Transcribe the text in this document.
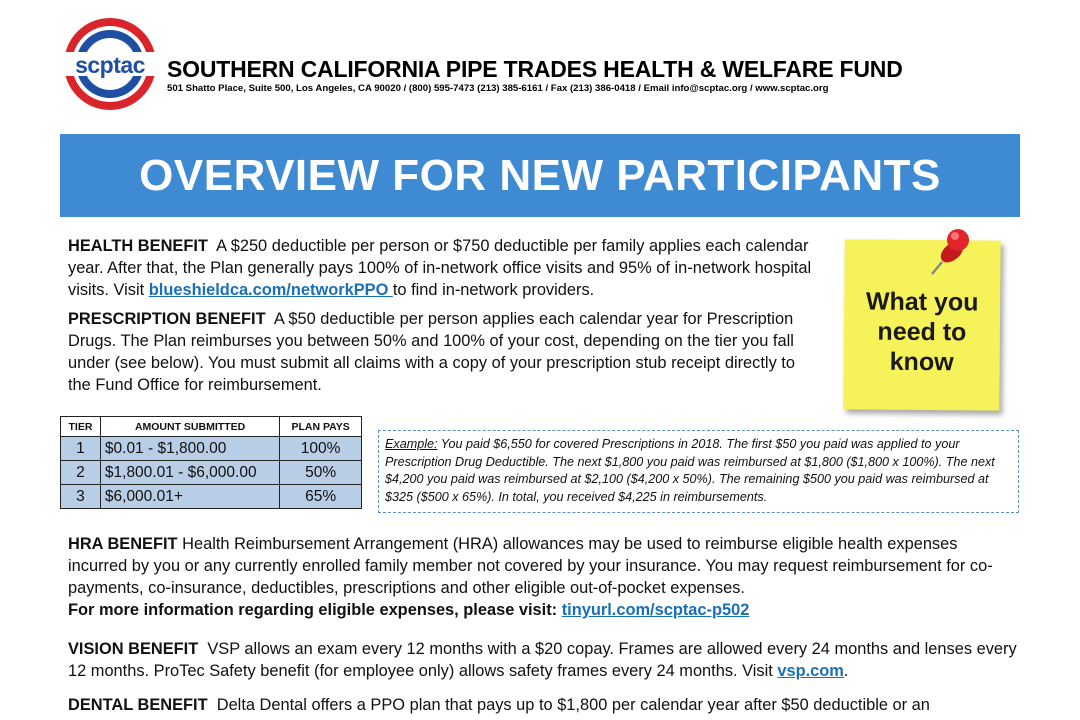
scptac SOUTHERN CALIFORNIA PIPE TRADES HEALTH & WELFARE FUND
501 Shatto Place, Suite 500, Los Angeles, CA 90020 / (800) 595-7473 (213) 385-6161 / Fax (213) 386-0418 / Email info@scptac.org / www.scptac.org
OVERVIEW FOR NEW PARTICIPANTS
HEALTH BENEFIT A $250 deductible per person or $750 deductible per family applies each calendar year. After that, the Plan generally pays 100% of in-network office visits and 95% of in-network hospital visits. Visit blueshieldca.com/networkPPO to find in-network providers.
PRESCRIPTION BENEFIT A $50 deductible per person applies each calendar year for Prescription Drugs. The Plan reimburses you between 50% and 100% of your cost, depending on the tier you fall under (see below). You must submit all claims with a copy of your prescription stub receipt directly to the Fund Office for reimbursement.
What you
need to
know
TIER	AMOUNT SUBMITTED	PLAN PAYS
1	$0.01 - $1,800.00	100%
2	$1,800.01 - $6,000.00	50%
3	$6,000.01+	65%
Example: You paid $6,550 for covered Prescriptions in 2018. The first $50 you paid was applied to your Prescription Drug Deductible. The next $1,800 you paid was reimbursed at $1,800 ($1,800 x 100%). The next $4,200 you paid was reimbursed at $2,100 ($4,200 x 50%). The remaining $500 you paid was reimbursed at $325 ($500 x 65%). In total, you received $4,225 in reimbursements.
HRA BENEFIT Health Reimbursement Arrangement (HRA) allowances may be used to reimburse eligible health expenses incurred by you or any currently enrolled family member not covered by your insurance. You may request reimbursement for co-payments, co-insurance, deductibles, prescriptions and other eligible out-of-pocket expenses.
For more information regarding eligible expenses, please visit: tinyurl.com/scptac-p502
VISION BENEFIT VSP allows an exam every 12 months with a $20 copay. Frames are allowed every 24 months and lenses every 12 months. ProTec Safety benefit (for employee only) allows safety frames every 24 months. Visit vsp.com.
DENTAL BENEFIT Delta Dental offers a PPO plan that pays up to $1,800 per calendar year after $50 deductible or an
